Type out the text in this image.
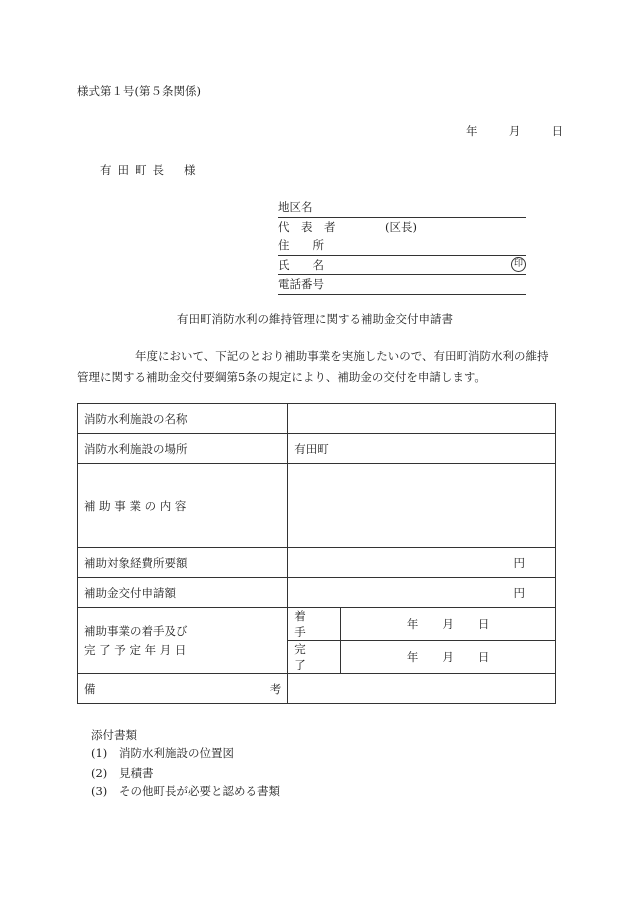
様式第１号(第５条関係)
年	月	日
有田町長 様
地区名
代　表　者	(区長)
住　　所
氏　　名	印
電話番号
有田町消防水利の維持管理に関する補助金交付申請書
年度において、下記のとおり補助事業を実施したいので、有田町消防水利の維持管理に関する補助金交付要綱第5条の規定により、補助金の交付を申請します。
消防水利施設の名称		
消防水利施設の場所	有田町	
補 助 事 業 の 内 容		
補助対象経費所要額	円	

補助金交付申請額	円	

補助事業の着手及び
完 了 予 定 年 月 日	着　　手	年 月 日
	完　　了	年 月 日

備 考		

添付書類
(1) 消防水利施設の位置図
(2) 見積書
(3) その他町長が必要と認める書類
